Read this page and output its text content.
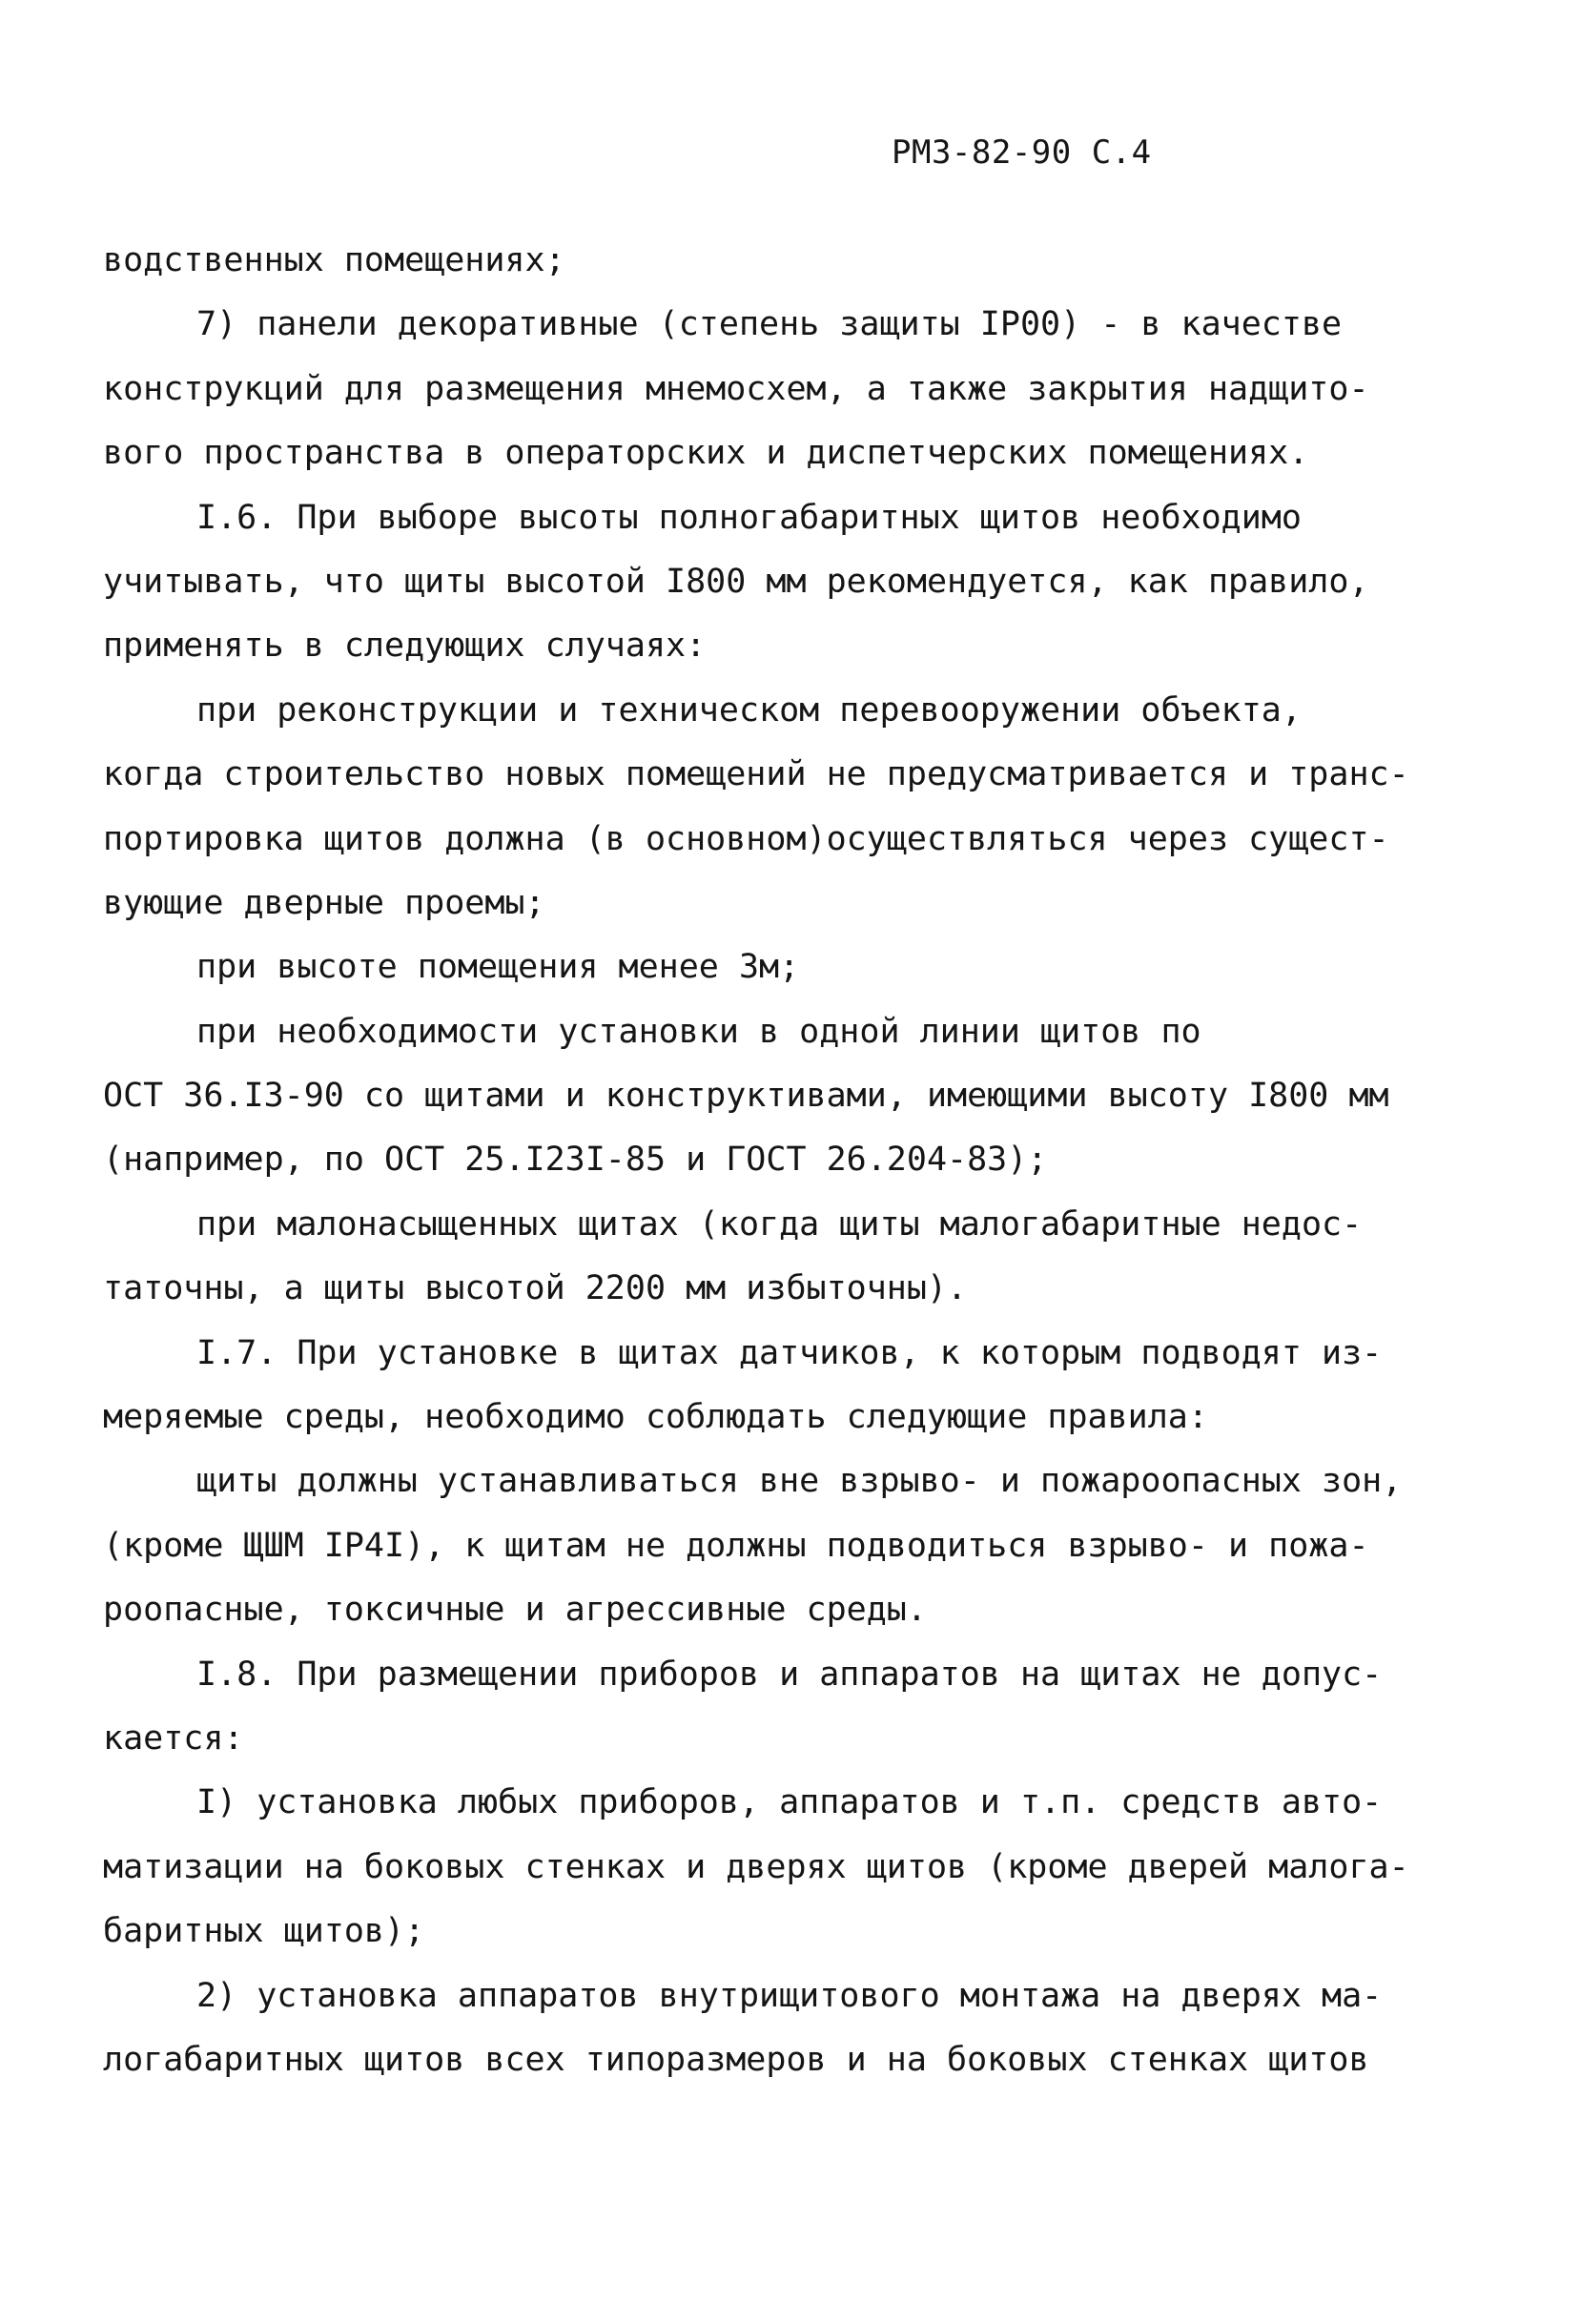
РМЗ-82-90 С.4
водственных помещениях;
7) панели декоративные (степень защиты IP00) - в качестве
конструкций для размещения мнемосхем, а также закрытия надщито-
вого пространства в операторских и диспетчерских помещениях.
I.6. При выборе высоты полногабаритных щитов необходимо
учитывать, что щиты высотой I800 мм рекомендуется, как правило,
применять в следующих случаях:
при реконструкции и техническом перевооружении объекта,
когда строительство новых помещений не предусматривается и транс-
портировка щитов должна (в основном)осуществляться через сущест-
вующие дверные проемы;
при высоте помещения менее 3м;
при необходимости установки в одной линии щитов по
ОСТ 36.I3-90 со щитами и конструктивами, имеющими высоту I800 мм
(например, по ОСТ 25.I23I-85 и ГОСТ 26.204-83);
при малонасыщенных щитах (когда щиты малогабаритные недос-
таточны, а щиты высотой 2200 мм избыточны).
I.7. При установке в щитах датчиков, к которым подводят из-
меряемые среды, необходимо соблюдать следующие правила:
щиты должны устанавливаться вне взрыво- и пожароопасных зон,
(кроме ЩШМ IP4I), к щитам не должны подводиться взрыво- и пожа-
роопасные, токсичные и агрессивные среды.
I.8. При размещении приборов и аппаратов на щитах не допус-
кается:
I) установка любых приборов, аппаратов и т.п. средств авто-
матизации на боковых стенках и дверях щитов (кроме дверей малога-
баритных щитов);
2) установка аппаратов внутрищитового монтажа на дверях ма-
логабаритных щитов всех типоразмеров и на боковых стенках щитов
